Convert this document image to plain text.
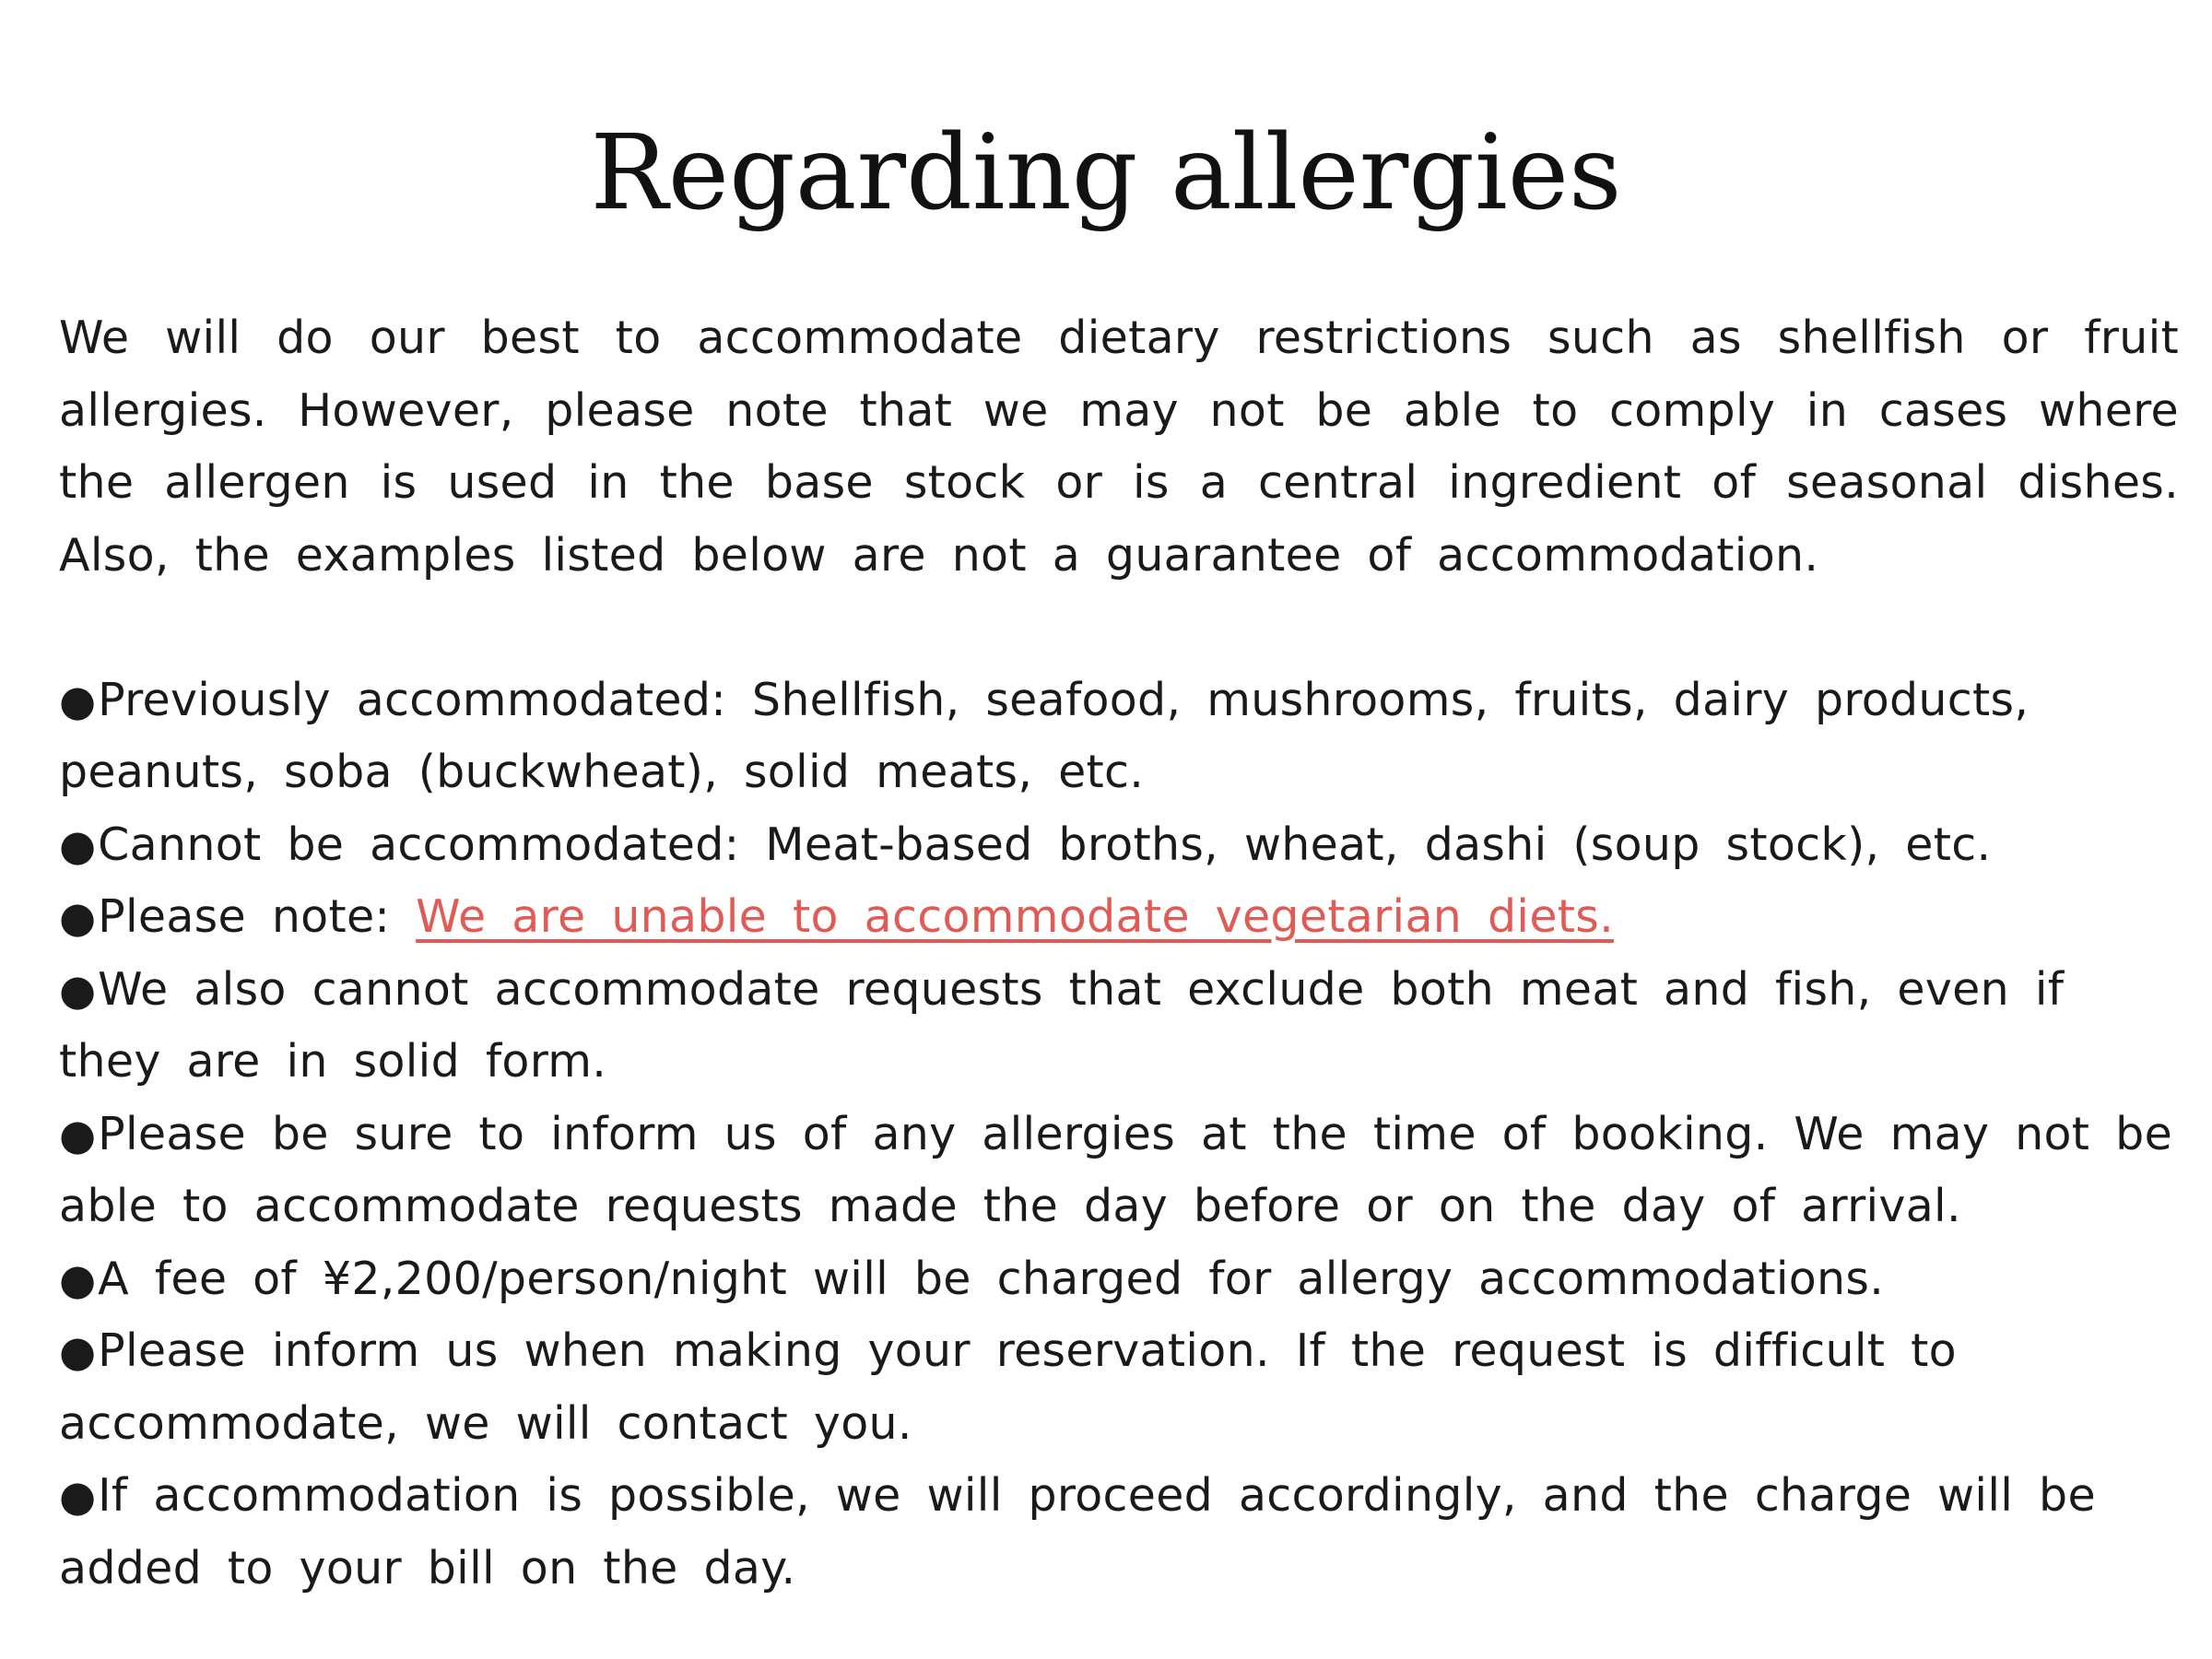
Regarding allergies

We will do our best to accommodate dietary restrictions such as shellfish or fruit allergies. However, please note that we may not be able to comply in cases where the allergen is used in the base stock or is a central ingredient of seasonal dishes. Also, the examples listed below are not a guarantee of accommodation.

●Previously accommodated: Shellfish, seafood, mushrooms, fruits, dairy products, peanuts, soba (buckwheat), solid meats, etc.

●Cannot be accommodated: Meat-based broths, wheat, dashi (soup stock), etc.

●Please note: We are unable to accommodate vegetarian diets.

●We also cannot accommodate requests that exclude both meat and fish, even if they are in solid form.

●Please be sure to inform us of any allergies at the time of booking. We may not be able to accommodate requests made the day before or on the day of arrival.

●A fee of ¥2,200/person/night will be charged for allergy accommodations.

●Please inform us when making your reservation. If the request is difficult to accommodate, we will contact you.

●If accommodation is possible, we will proceed accordingly, and the charge will be added to your bill on the day.
